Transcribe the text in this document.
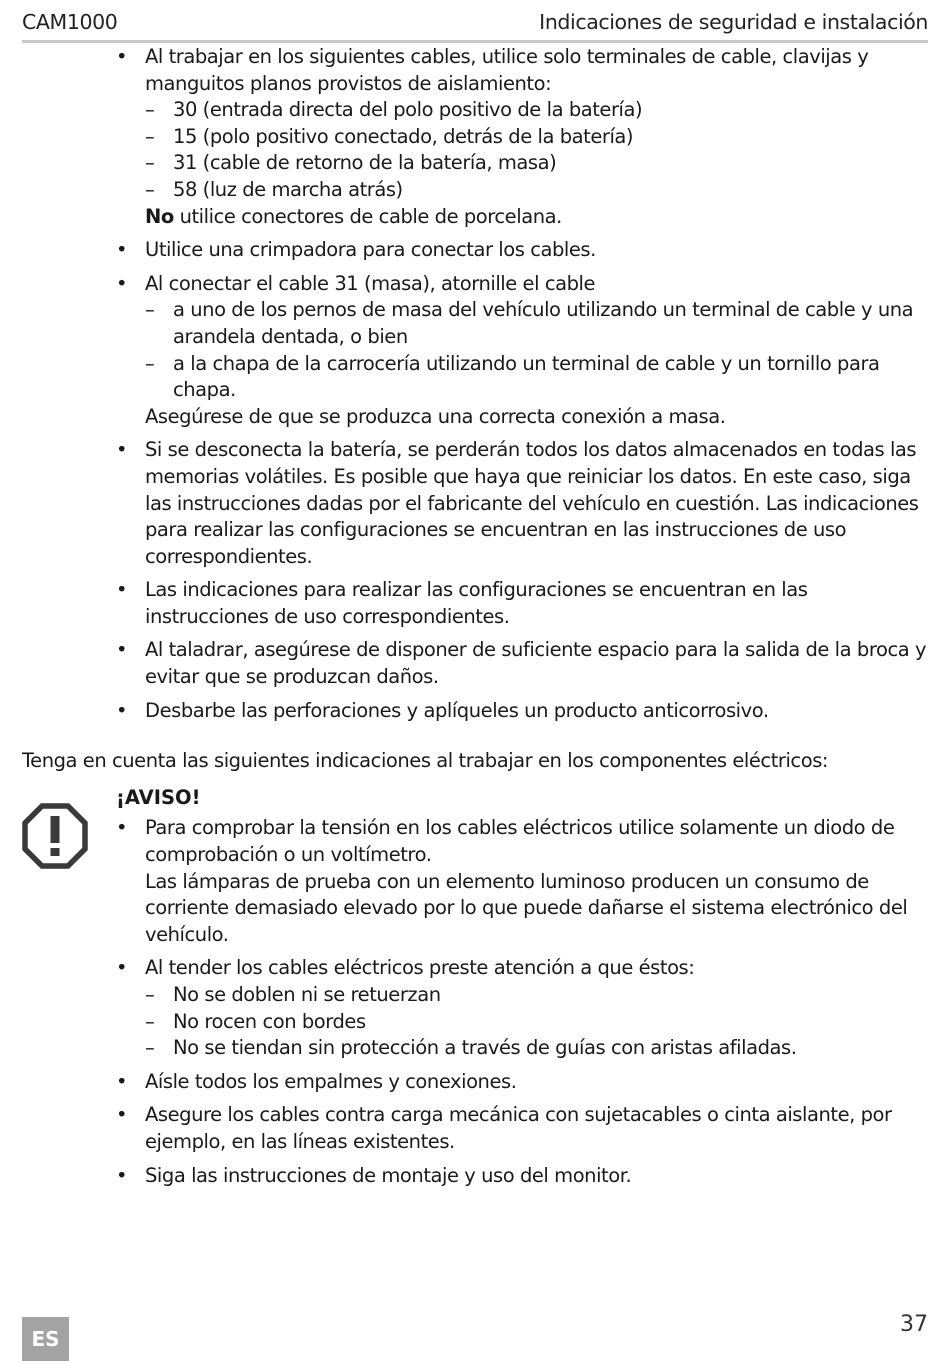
CAM1000	Indicaciones de seguridad e instalación
• Al trabajar en los siguientes cables, utilice solo terminales de cable, clavijas y manguitos planos provistos de aislamiento:
– 30 (entrada directa del polo positivo de la batería)
– 15 (polo positivo conectado, detrás de la batería)
– 31 (cable de retorno de la batería, masa)
– 58 (luz de marcha atrás)
No utilice conectores de cable de porcelana.
• Utilice una crimpadora para conectar los cables.
• Al conectar el cable 31 (masa), atornille el cable
– a uno de los pernos de masa del vehículo utilizando un terminal de cable y una arandela dentada, o bien
– a la chapa de la carrocería utilizando un terminal de cable y un tornillo para chapa.
Asegúrese de que se produzca una correcta conexión a masa.
• Si se desconecta la batería, se perderán todos los datos almacenados en todas las memorias volátiles. Es posible que haya que reiniciar los datos. En este caso, siga las instrucciones dadas por el fabricante del vehículo en cuestión. Las indicaciones para realizar las configuraciones se encuentran en las instrucciones de uso correspondientes.
• Las indicaciones para realizar las configuraciones se encuentran en las instrucciones de uso correspondientes.
• Al taladrar, asegúrese de disponer de suficiente espacio para la salida de la broca y evitar que se produzcan daños.
• Desbarbe las perforaciones y aplíqueles un producto anticorrosivo.
Tenga en cuenta las siguientes indicaciones al trabajar en los componentes eléctricos:
¡AVISO!
• Para comprobar la tensión en los cables eléctricos utilice solamente un diodo de comprobación o un voltímetro.
Las lámparas de prueba con un elemento luminoso producen un consumo de corriente demasiado elevado por lo que puede dañarse el sistema electrónico del vehículo.
• Al tender los cables eléctricos preste atención a que éstos:
– No se doblen ni se retuerzan
– No rocen con bordes
– No se tiendan sin protección a través de guías con aristas afiladas.
• Aísle todos los empalmes y conexiones.
• Asegure los cables contra carga mecánica con sujetacables o cinta aislante, por ejemplo, en las líneas existentes.
• Siga las instrucciones de montaje y uso del monitor.
ES
37
